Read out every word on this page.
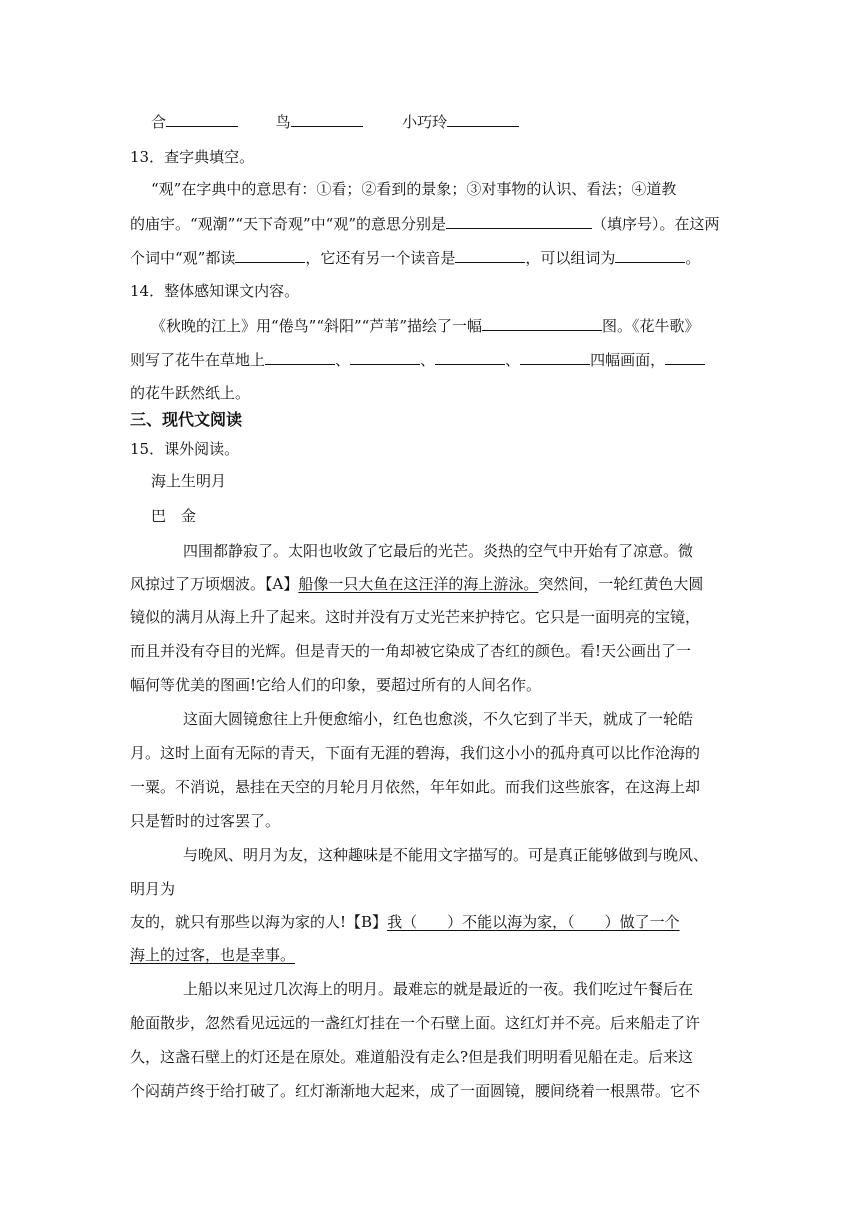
合	鸟	小巧玲
13．查字典填空。
“观”在字典中的意思有：①看；②看到的景象；③对事物的认识、看法；④道教
的庙宇。“观潮”“天下奇观”中“观”的意思分别是	（填序号）。在这两
个词中“观”都读	，它还有另一个读音是	，可以组词为	。
14．整体感知课文内容。
《秋晚的江上》用“倦鸟”“斜阳”“芦苇”描绘了一幅	图。《花牛歌》
则写了花牛在草地上	、	、	、	四幅画面，
的花牛跃然纸上。
三、现代文阅读
15．课外阅读。
海上生明月
巴　金
四围都静寂了。太阳也收敛了它最后的光芒。炎热的空气中开始有了凉意。微
风掠过了万顷烟波。【A】船像一只大鱼在这汪洋的海上游泳。突然间，一轮红黄色大圆
镜似的满月从海上升了起来。这时并没有万丈光芒来护持它。它只是一面明亮的宝镜，
而且并没有夺目的光辉。但是青天的一角却被它染成了杏红的颜色。看!天公画出了一
幅何等优美的图画!它给人们的印象，要超过所有的人间名作。
这面大圆镜愈往上升便愈缩小，红色也愈淡，不久它到了半天，就成了一轮皓
月。这时上面有无际的青天，下面有无涯的碧海，我们这小小的孤舟真可以比作沧海的
一粟。不消说，悬挂在天空的月轮月月依然，年年如此。而我们这些旅客，在这海上却
只是暂时的过客罢了。
与晚风、明月为友，这种趣味是不能用文字描写的。可是真正能够做到与晚风、
明月为
友的，就只有那些以海为家的人!【B】我（　　）不能以海为家，（　　）做了一个
海上的过客，也是幸事。
上船以来见过几次海上的明月。最难忘的就是最近的一夜。我们吃过午餐后在
舱面散步，忽然看见远远的一盏红灯挂在一个石壁上面。这红灯并不亮。后来船走了许
久，这盏石壁上的灯还是在原处。难道船没有走么?但是我们明明看见船在走。后来这
个闷葫芦终于给打破了。红灯渐渐地大起来，成了一面圆镜，腰间绕着一根黑带。它不
